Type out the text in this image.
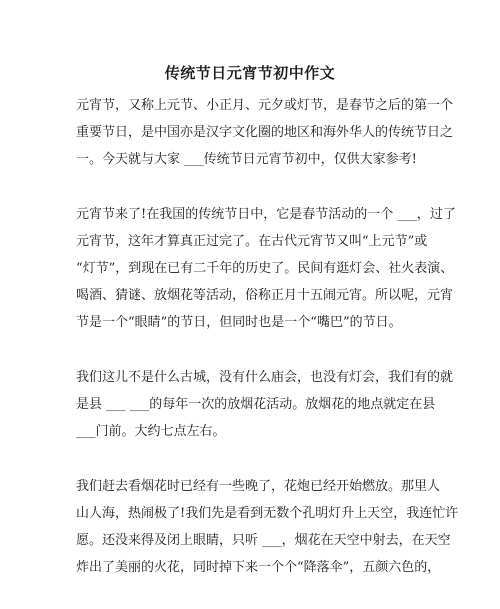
传统节日元宵节初中作文
元宵节，又称上元节、小正月、元夕或灯节，是春节之后的第一个
重要节日，是中国亦是汉字文化圈的地区和海外华人的传统节日之
一。今天就与大家 ___传统节日元宵节初中，仅供大家参考!
元宵节来了!在我国的传统节日中，它是春节活动的一个 ___，过了
元宵节，这年才算真正过完了。在古代元宵节又叫“上元节”或
“灯节”，到现在已有二千年的历史了。民间有逛灯会、社火表演、
喝酒、猜谜、放烟花等活动，俗称正月十五闹元宵。所以呢，元宵
节是一个“眼睛”的节日，但同时也是一个“嘴巴”的节日。
我们这儿不是什么古城，没有什么庙会，也没有灯会，我们有的就
是县 ___ ___的每年一次的放烟花活动。放烟花的地点就定在县
___门前。大约七点左右。
我们赶去看烟花时已经有一些晚了，花炮已经开始燃放。那里人
山人海，热闹极了!我们先是看到无数个孔明灯升上天空，我连忙许
愿。还没来得及闭上眼睛，只听 ___，烟花在天空中射去，在天空
炸出了美丽的火花，同时掉下来一个个“降落伞”，五颜六色的，
